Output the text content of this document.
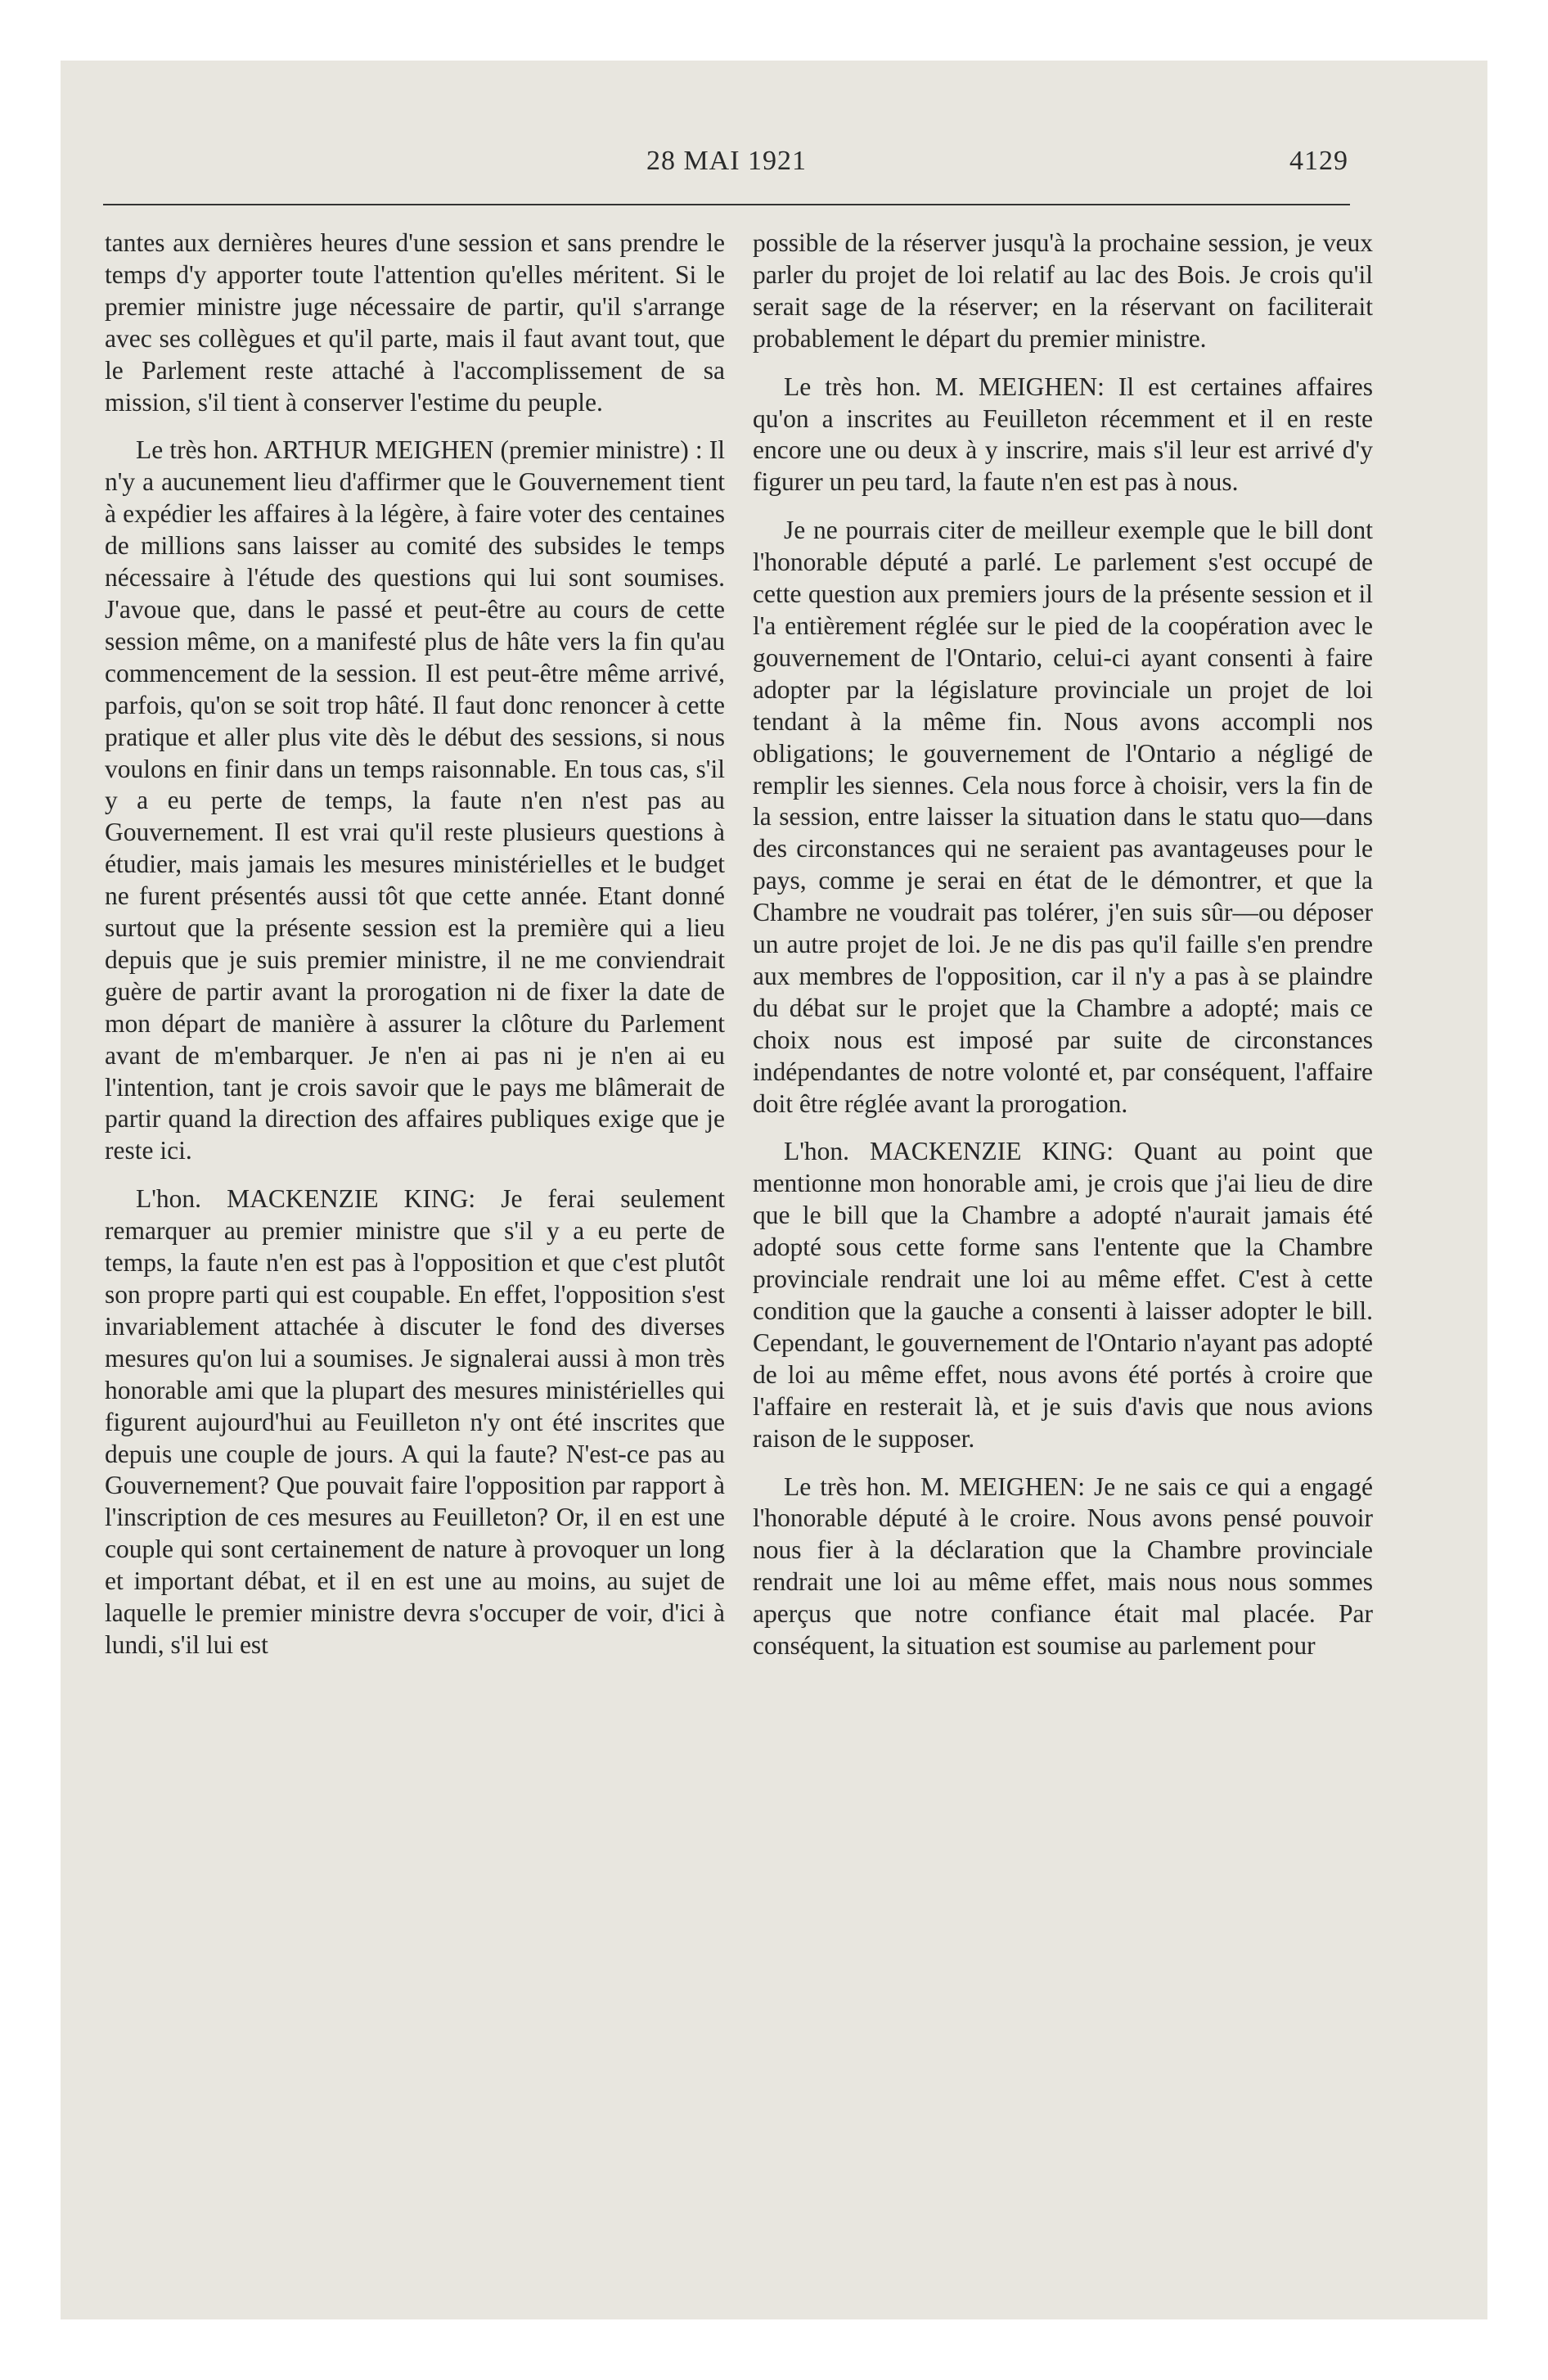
28 MAI 1921	4129

tantes aux dernières heures d'une session et sans prendre le temps d'y apporter toute l'attention qu'elles méritent. Si le premier ministre juge nécessaire de partir, qu'il s'arrange avec ses collègues et qu'il parte, mais il faut avant tout, que le Parlement reste attaché à l'accomplissement de sa mission, s'il tient à conserver l'estime du peuple.

Le très hon. ARTHUR MEIGHEN (premier ministre) : Il n'y a aucunement lieu d'affirmer que le Gouvernement tient à expédier les affaires à la légère, à faire voter des centaines de millions sans laisser au comité des subsides le temps nécessaire à l'étude des questions qui lui sont soumises. J'avoue que, dans le passé et peut-être au cours de cette session même, on a manifesté plus de hâte vers la fin qu'au commencement de la session. Il est peut-être même arrivé, parfois, qu'on se soit trop hâté. Il faut donc renoncer à cette pratique et aller plus vite dès le début des sessions, si nous voulons en finir dans un temps raisonnable. En tous cas, s'il y a eu perte de temps, la faute n'en n'est pas au Gouvernement. Il est vrai qu'il reste plusieurs questions à étudier, mais jamais les mesures ministérielles et le budget ne furent présentés aussi tôt que cette année. Etant donné surtout que la présente session est la première qui a lieu depuis que je suis premier ministre, il ne me conviendrait guère de partir avant la prorogation ni de fixer la date de mon départ de manière à assurer la clôture du Parlement avant de m'embarquer. Je n'en ai pas ni je n'en ai eu l'intention, tant je crois savoir que le pays me blâmerait de partir quand la direction des affaires publiques exige que je reste ici.

L'hon. MACKENZIE KING: Je ferai seulement remarquer au premier ministre que s'il y a eu perte de temps, la faute n'en est pas à l'opposition et que c'est plutôt son propre parti qui est coupable. En effet, l'opposition s'est invariablement attachée à discuter le fond des diverses mesures qu'on lui a soumises. Je signalerai aussi à mon très honorable ami que la plupart des mesures ministérielles qui figurent aujourd'hui au Feuilleton n'y ont été inscrites que depuis une couple de jours. A qui la faute? N'est-ce pas au Gouvernement? Que pouvait faire l'opposition par rapport à l'inscription de ces mesures au Feuilleton? Or, il en est une couple qui sont certainement de nature à provoquer un long et important débat, et il en est une au moins, au sujet de laquelle le premier ministre devra s'occuper de voir, d'ici à lundi, s'il lui est

possible de la réserver jusqu'à la prochaine session, je veux parler du projet de loi relatif au lac des Bois. Je crois qu'il serait sage de la réserver; en la réservant on faciliterait probablement le départ du premier ministre.

Le très hon. M. MEIGHEN: Il est certaines affaires qu'on a inscrites au Feuilleton récemment et il en reste encore une ou deux à y inscrire, mais s'il leur est arrivé d'y figurer un peu tard, la faute n'en est pas à nous.

Je ne pourrais citer de meilleur exemple que le bill dont l'honorable député a parlé. Le parlement s'est occupé de cette question aux premiers jours de la présente session et il l'a entièrement réglée sur le pied de la coopération avec le gouvernement de l'Ontario, celui-ci ayant consenti à faire adopter par la législature provinciale un projet de loi tendant à la même fin. Nous avons accompli nos obligations; le gouvernement de l'Ontario a négligé de remplir les siennes. Cela nous force à choisir, vers la fin de la session, entre laisser la situation dans le statu quo—dans des circonstances qui ne seraient pas avantageuses pour le pays, comme je serai en état de le démontrer, et que la Chambre ne voudrait pas tolérer, j'en suis sûr—ou déposer un autre projet de loi. Je ne dis pas qu'il faille s'en prendre aux membres de l'opposition, car il n'y a pas à se plaindre du débat sur le projet que la Chambre a adopté; mais ce choix nous est imposé par suite de circonstances indépendantes de notre volonté et, par conséquent, l'affaire doit être réglée avant la prorogation.

L'hon. MACKENZIE KING: Quant au point que mentionne mon honorable ami, je crois que j'ai lieu de dire que le bill que la Chambre a adopté n'aurait jamais été adopté sous cette forme sans l'entente que la Chambre provinciale rendrait une loi au même effet. C'est à cette condition que la gauche a consenti à laisser adopter le bill. Cependant, le gouvernement de l'Ontario n'ayant pas adopté de loi au même effet, nous avons été portés à croire que l'affaire en resterait là, et je suis d'avis que nous avions raison de le supposer.

Le très hon. M. MEIGHEN: Je ne sais ce qui a engagé l'honorable député à le croire. Nous avons pensé pouvoir nous fier à la déclaration que la Chambre provinciale rendrait une loi au même effet, mais nous nous sommes aperçus que notre confiance était mal placée. Par conséquent, la situation est soumise au parlement pour
